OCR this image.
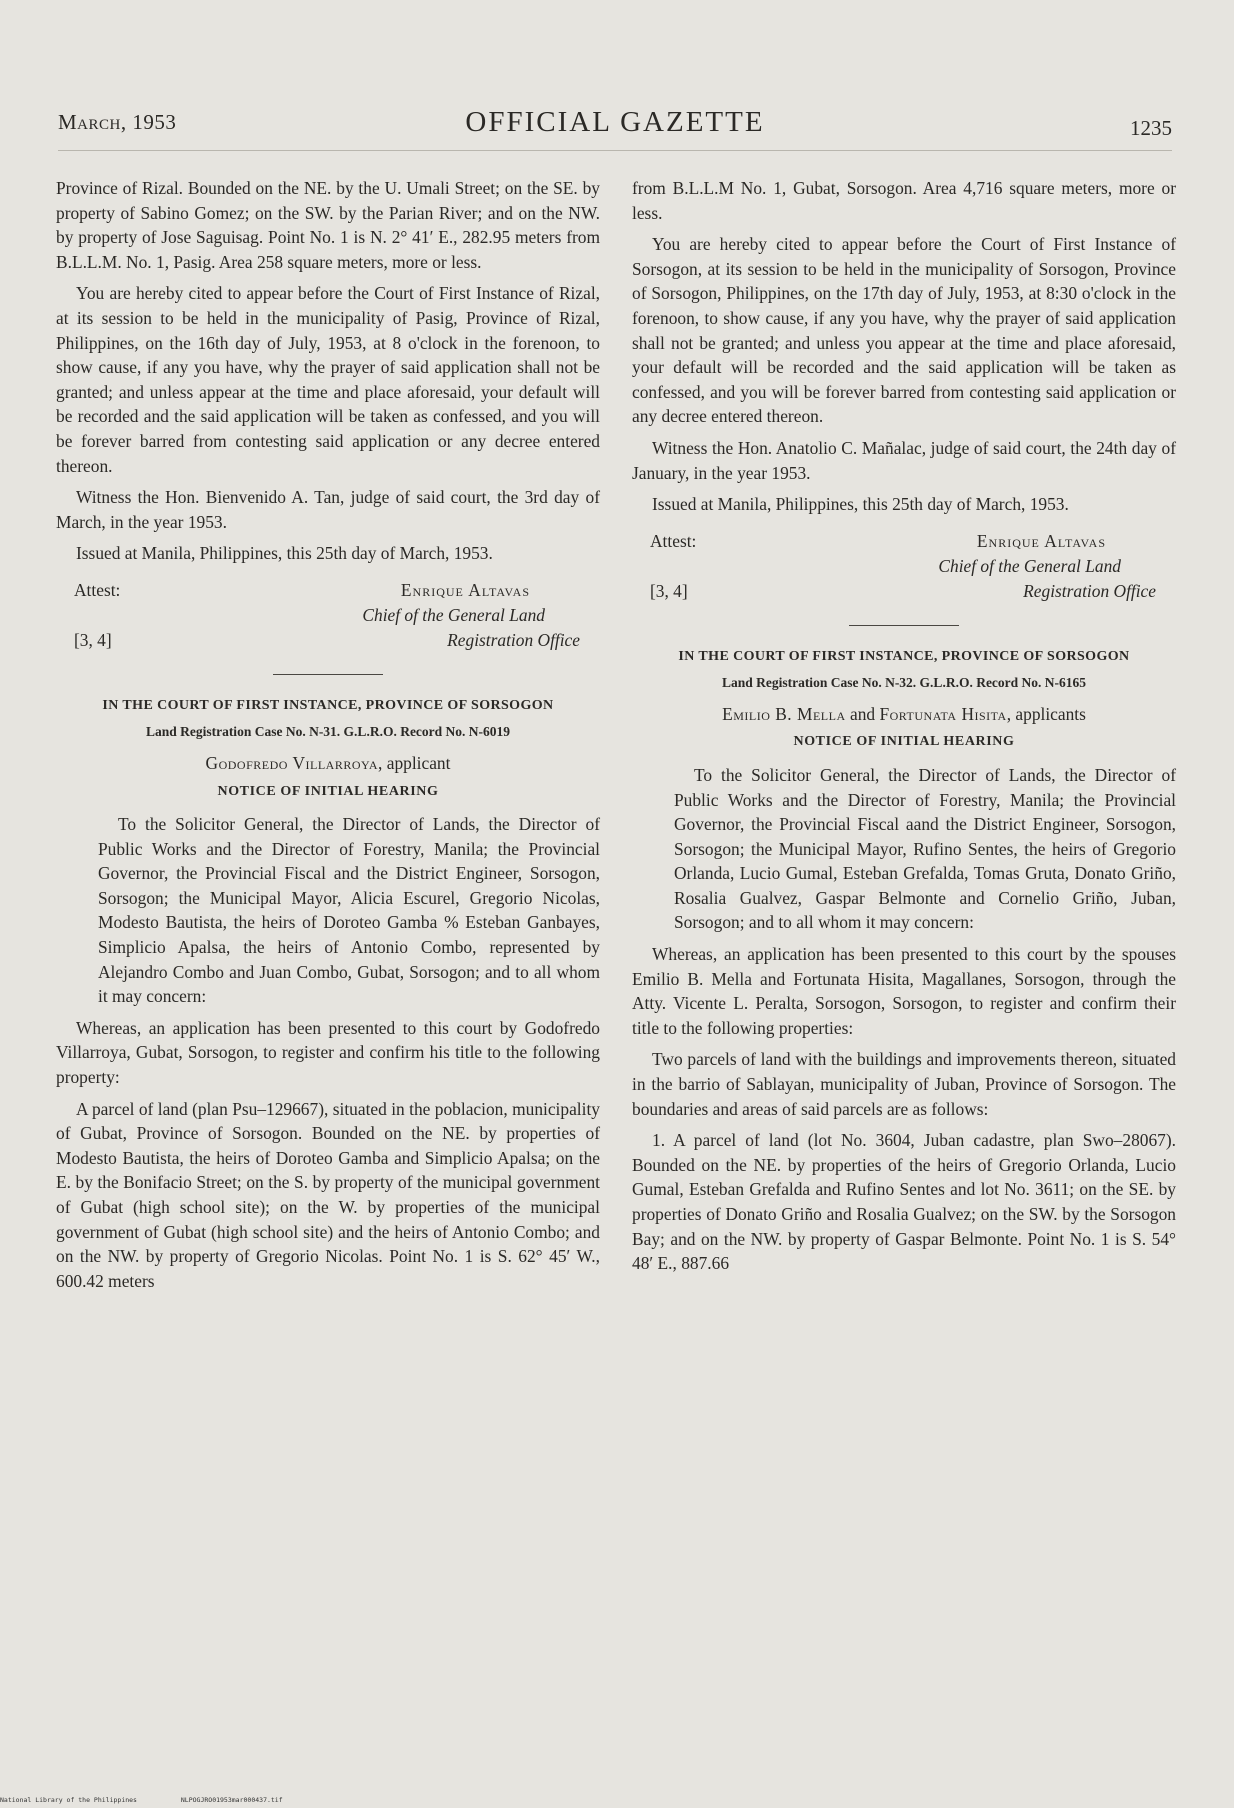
March, 1953	OFFICIAL GAZETTE	1235

Province of Rizal. Bounded on the NE. by the U. Umali Street; on the SE. by property of Sabino Gomez; on the SW. by the Parian River; and on the NW. by property of Jose Saguisag. Point No. 1 is N. 2° 41′ E., 282.95 meters from B.L.L.M. No. 1, Pasig. Area 258 square meters, more or less.

You are hereby cited to appear before the Court of First Instance of Rizal, at its session to be held in the municipality of Pasig, Province of Rizal, Philippines, on the 16th day of July, 1953, at 8 o'clock in the forenoon, to show cause, if any you have, why the prayer of said application shall not be granted; and unless appear at the time and place aforesaid, your default will be recorded and the said application will be taken as confessed, and you will be forever barred from contesting said application or any decree entered thereon.

Witness the Hon. Bienvenido A. Tan, judge of said court, the 3rd day of March, in the year 1953.

Issued at Manila, Philippines, this 25th day of March, 1953.

Attest:	Enrique Altavas
Chief of the General Land
[3, 4]	Registration Office
IN THE COURT OF FIRST INSTANCE, PROVINCE OF SORSOGON
Land Registration Case No. N-31. G.L.R.O. Record No. N-6019
Godofredo Villarroya, applicant
NOTICE OF INITIAL HEARING

To the Solicitor General, the Director of Lands, the Director of Public Works and the Director of Forestry, Manila; the Provincial Governor, the Provincial Fiscal and the District Engineer, Sorsogon, Sorsogon; the Municipal Mayor, Alicia Escurel, Gregorio Nicolas, Modesto Bautista, the heirs of Doroteo Gamba % Esteban Ganbayes, Simplicio Apalsa, the heirs of Antonio Combo, represented by Alejandro Combo and Juan Combo, Gubat, Sorsogon; and to all whom it may concern:

Whereas, an application has been presented to this court by Godofredo Villarroya, Gubat, Sorsogon, to register and confirm his title to the following property:

A parcel of land (plan Psu–129667), situated in the poblacion, municipality of Gubat, Province of Sorsogon. Bounded on the NE. by properties of Modesto Bautista, the heirs of Doroteo Gamba and Simplicio Apalsa; on the E. by the Bonifacio Street; on the S. by property of the municipal government of Gubat (high school site); on the W. by properties of the municipal government of Gubat (high school site) and the heirs of Antonio Combo; and on the NW. by property of Gregorio Nicolas. Point No. 1 is S. 62° 45′ W., 600.42 meters

from B.L.L.M No. 1, Gubat, Sorsogon. Area 4,716 square meters, more or less.

You are hereby cited to appear before the Court of First Instance of Sorsogon, at its session to be held in the municipality of Sorsogon, Province of Sorsogon, Philippines, on the 17th day of July, 1953, at 8:30 o'clock in the forenoon, to show cause, if any you have, why the prayer of said application shall not be granted; and unless you appear at the time and place aforesaid, your default will be recorded and the said application will be taken as confessed, and you will be forever barred from contesting said application or any decree entered thereon.

Witness the Hon. Anatolio C. Mañalac, judge of said court, the 24th day of January, in the year 1953.

Issued at Manila, Philippines, this 25th day of March, 1953.

Attest:	Enrique Altavas
Chief of the General Land
[3, 4]	Registration Office
IN THE COURT OF FIRST INSTANCE, PROVINCE OF SORSOGON
Land Registration Case No. N-32. G.L.R.O. Record No. N-6165
Emilio B. Mella and Fortunata Hisita, applicants
NOTICE OF INITIAL HEARING

To the Solicitor General, the Director of Lands, the Director of Public Works and the Director of Forestry, Manila; the Provincial Governor, the Provincial Fiscal aand the District Engineer, Sorsogon, Sorsogon; the Municipal Mayor, Rufino Sentes, the heirs of Gregorio Orlanda, Lucio Gumal, Esteban Grefalda, Tomas Gruta, Donato Griño, Rosalia Gualvez, Gaspar Belmonte and Cornelio Griño, Juban, Sorsogon; and to all whom it may concern:

Whereas, an application has been presented to this court by the spouses Emilio B. Mella and Fortunata Hisita, Magallanes, Sorsogon, through the Atty. Vicente L. Peralta, Sorsogon, Sorsogon, to register and confirm their title to the following properties:

Two parcels of land with the buildings and improvements thereon, situated in the barrio of Sablayan, municipality of Juban, Province of Sorsogon. The boundaries and areas of said parcels are as follows:

1. A parcel of land (lot No. 3604, Juban cadastre, plan Swo–28067). Bounded on the NE. by properties of the heirs of Gregorio Orlanda, Lucio Gumal, Esteban Grefalda and Rufino Sentes and lot No. 3611; on the SE. by properties of Donato Griño and Rosalia Gualvez; on the SW. by the Sorsogon Bay; and on the NW. by property of Gaspar Belmonte. Point No. 1 is S. 54° 48′ E., 887.66

National Library of the Philippines	NLPOGJRO01953mar000437.tif
